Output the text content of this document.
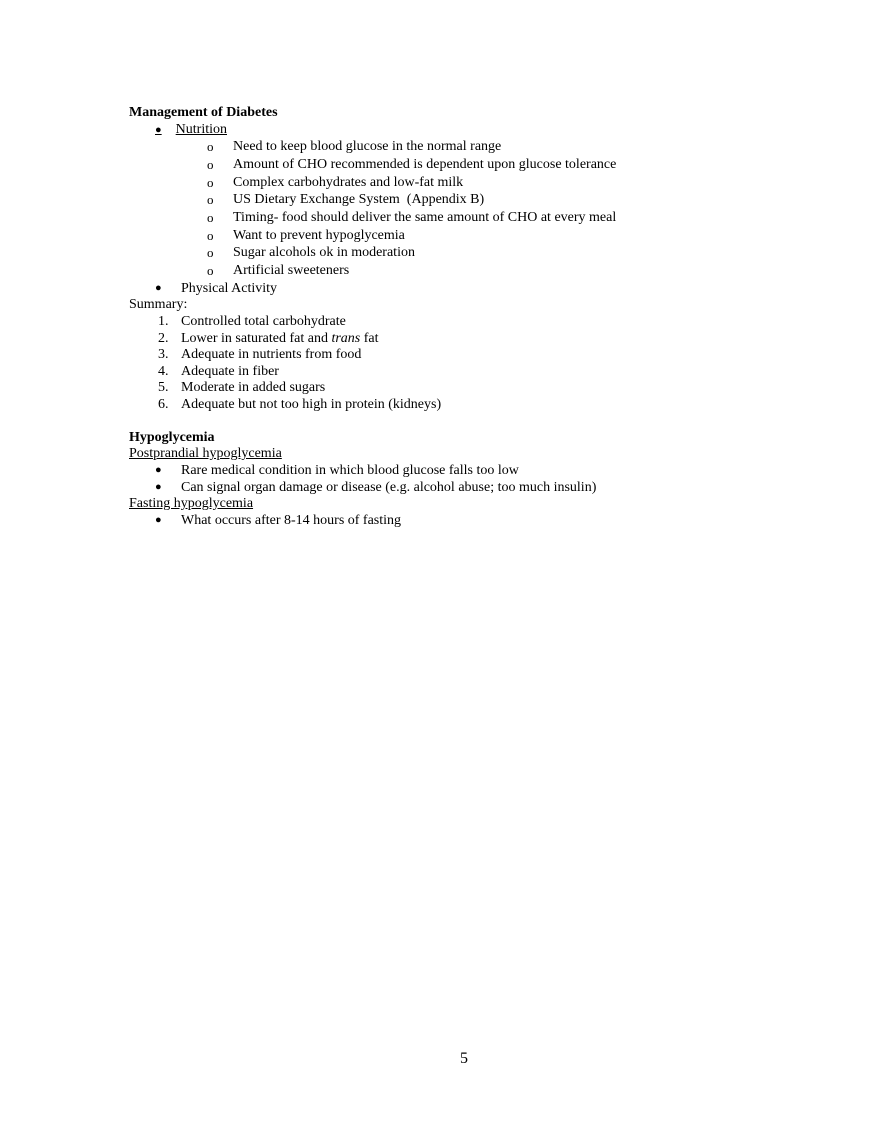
Management of Diabetes
● Nutrition
o Need to keep blood glucose in the normal range
o Amount of CHO recommended is dependent upon glucose tolerance
o Complex carbohydrates and low-fat milk
o US Dietary Exchange System  (Appendix B)
o Timing- food should deliver the same amount of CHO at every meal
o Want to prevent hypoglycemia
o Sugar alcohols ok in moderation
o Artificial sweeteners
● Physical Activity
Summary:
1. Controlled total carbohydrate
2. Lower in saturated fat and trans fat
3. Adequate in nutrients from food
4. Adequate in fiber
5. Moderate in added sugars
6. Adequate but not too high in protein (kidneys)
Hypoglycemia
Postprandial hypoglycemia
● Rare medical condition in which blood glucose falls too low
● Can signal organ damage or disease (e.g. alcohol abuse; too much insulin)
Fasting hypoglycemia
● What occurs after 8-14 hours of fasting
5
